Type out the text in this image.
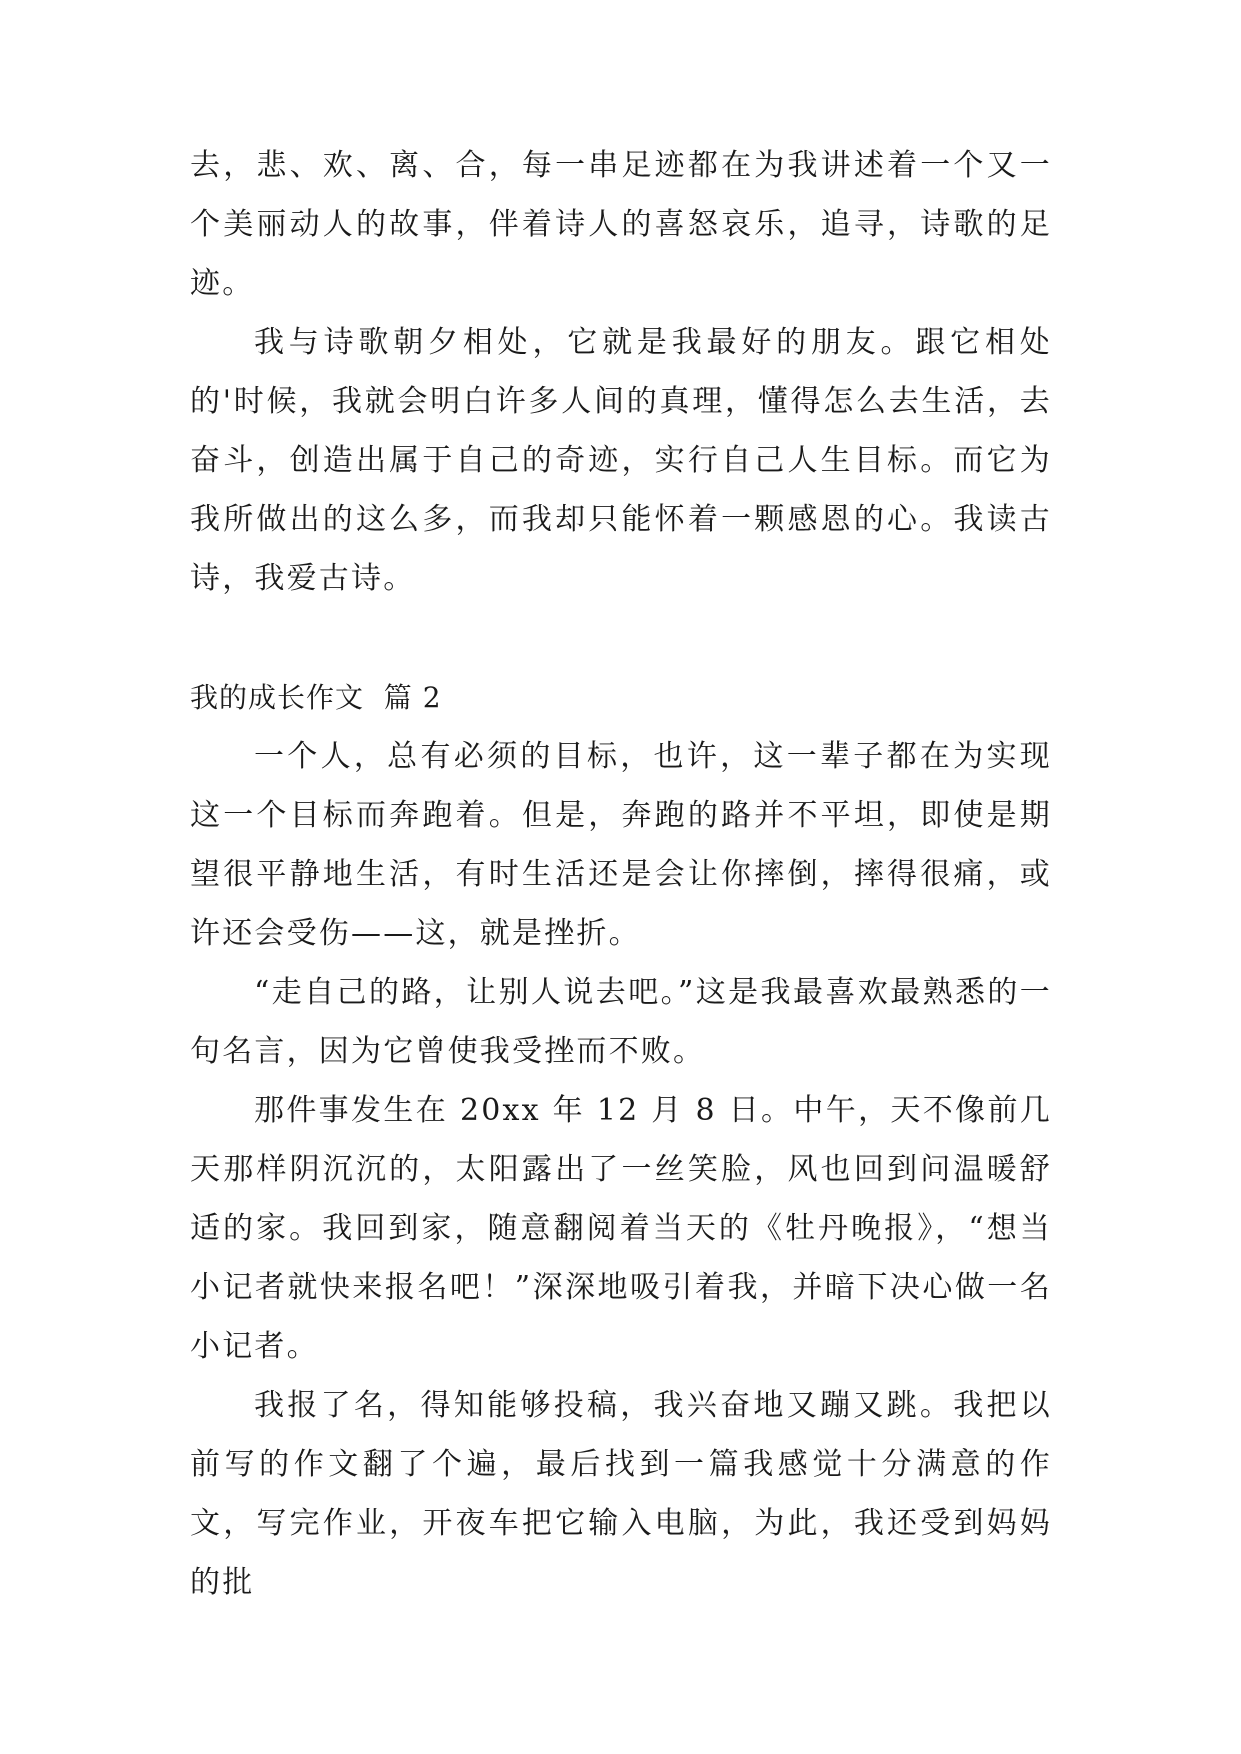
去，悲、欢、离、合，每一串足迹都在为我讲述着一个又一个美丽动人的故事，伴着诗人的喜怒哀乐，追寻，诗歌的足迹。

我与诗歌朝夕相处，它就是我最好的朋友。跟它相处的'时候，我就会明白许多人间的真理，懂得怎么去生活，去奋斗，创造出属于自己的奇迹，实行自己人生目标。而它为我所做出的这么多，而我却只能怀着一颗感恩的心。我读古诗，我爱古诗。

我的成长作文  篇 2

一个人，总有必须的目标，也许，这一辈子都在为实现这一个目标而奔跑着。但是，奔跑的路并不平坦，即使是期望很平静地生活，有时生活还是会让你摔倒，摔得很痛，或许还会受伤——这，就是挫折。

“走自己的路，让别人说去吧。”这是我最喜欢最熟悉的一句名言，因为它曾使我受挫而不败。

那件事发生在 20xx 年 12 月 8 日。中午，天不像前几天那样阴沉沉的，太阳露出了一丝笑脸，风也回到问温暖舒适的家。我回到家，随意翻阅着当天的《牡丹晚报》，“想当小记者就快来报名吧！”深深地吸引着我，并暗下决心做一名小记者。

我报了名，得知能够投稿，我兴奋地又蹦又跳。我把以前写的作文翻了个遍，最后找到一篇我感觉十分满意的作文，写完作业，开夜车把它输入电脑，为此，我还受到妈妈的批
